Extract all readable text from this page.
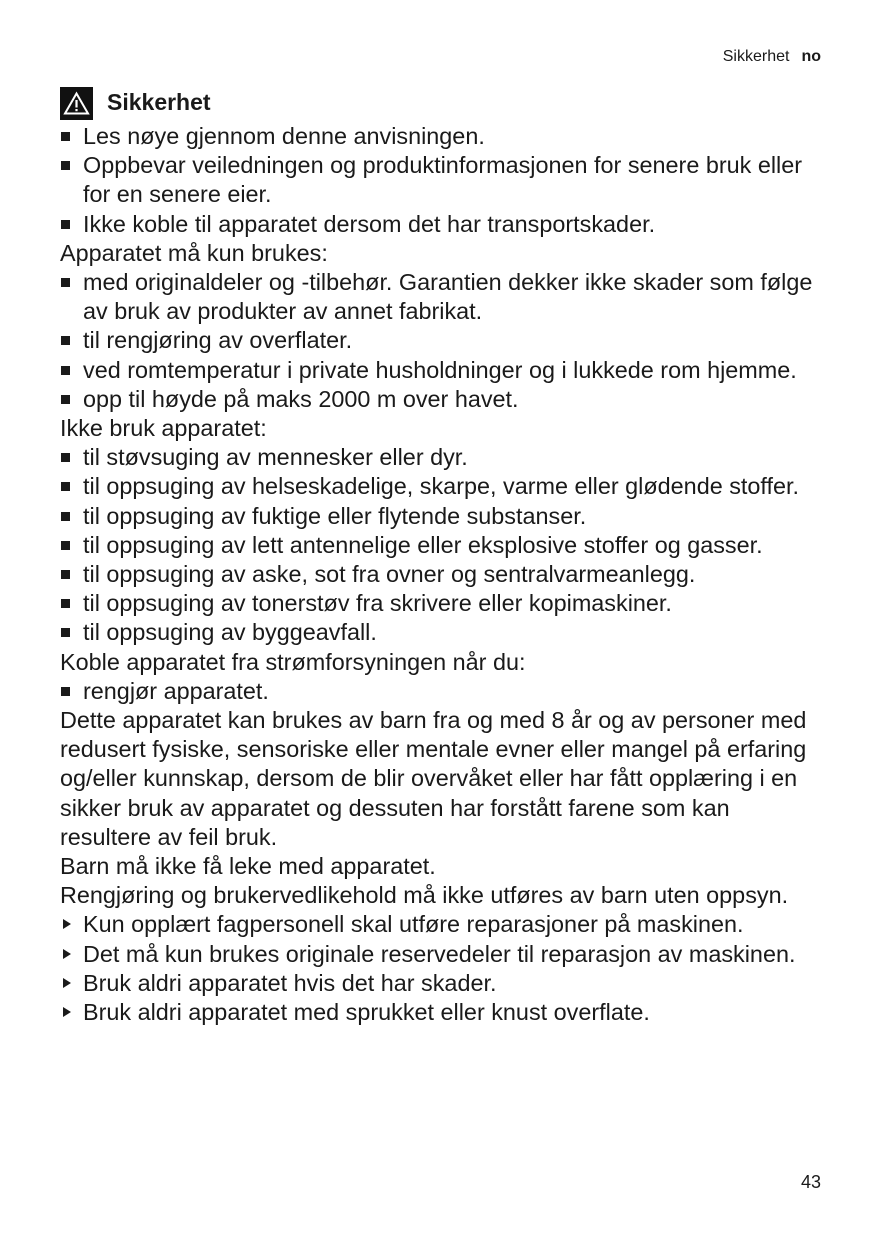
Sikkerhet no
Sikkerhet
Les nøye gjennom denne anvisningen.
Oppbevar veiledningen og produktinformasjonen for senere bruk eller for en senere eier.
Ikke koble til apparatet dersom det har transportskader.

Apparatet må kun brukes:

med originaldeler og -tilbehør. Garantien dekker ikke skader som følge av bruk av produkter av annet fabrikat.
til rengjøring av overflater.
ved romtemperatur i private husholdninger og i lukkede rom hjemme.
opp til høyde på maks 2000 m over havet.

Ikke bruk apparatet:

til støvsuging av mennesker eller dyr.
til oppsuging av helseskadelige, skarpe, varme eller glødende stoffer.
til oppsuging av fuktige eller flytende substanser.
til oppsuging av lett antennelige eller eksplosive stoffer og gasser.
til oppsuging av aske, sot fra ovner og sentralvarmeanlegg.
til oppsuging av tonerstøv fra skrivere eller kopimaskiner.
til oppsuging av byggeavfall.

Koble apparatet fra strømforsyningen når du:

rengjør apparatet.

Dette apparatet kan brukes av barn fra og med 8 år og av personer med redusert fysiske, sensoriske eller mentale evner eller mangel på erfaring og/eller kunnskap, dersom de blir overvåket eller har fått opplæring i en sikker bruk av apparatet og dessuten har forstått farene som kan resultere av feil bruk.

Barn må ikke få leke med apparatet.

Rengjøring og brukervedlikehold må ikke utføres av barn uten oppsyn.

Kun opplært fagpersonell skal utføre reparasjoner på maskinen.
Det må kun brukes originale reservedeler til reparasjon av maskinen.
Bruk aldri apparatet hvis det har skader.
Bruk aldri apparatet med sprukket eller knust overflate.
43
